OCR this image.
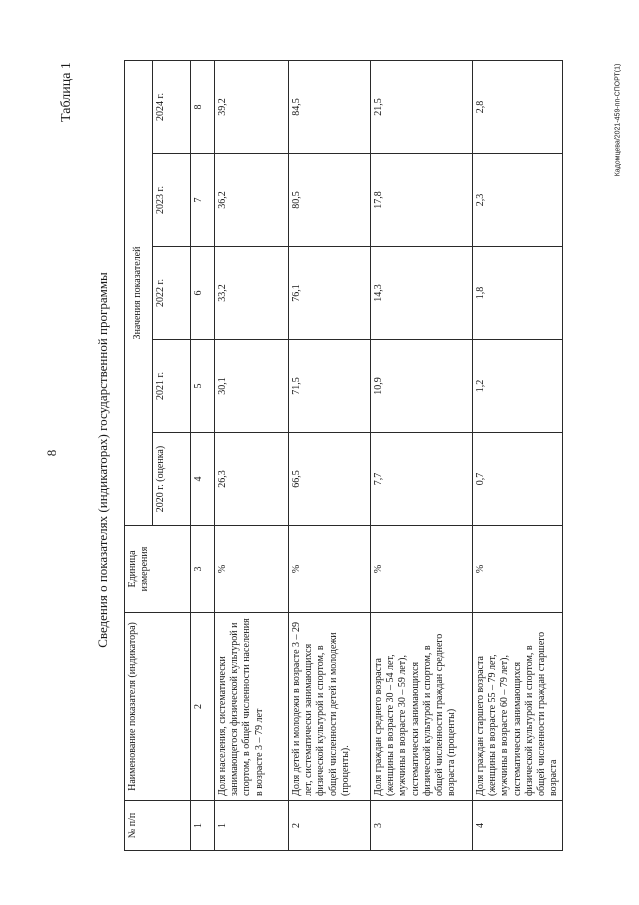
8
Таблица 1
Сведения о показателях (индикаторах) государственной программы
Кадомцева/2021-459-пп-СПОРТ(1)
№ п/п	Наименование показателя (индикатора)	Единица измерения	Значения показателей				
			2020 г. (оценка)	2021 г.	2022 г.	2023 г.	2024 г.
1	2	3	4	5	6	7	8
1	Доля населения, систематически занимающегося физической культурой и спортом, в общей численности населения в возрасте 3 – 79 лет	%	26,3	30,1	33,2	36,2	39,2
2	Доля детей и молодежи в возрасте 3 – 29 лет, систематически занимающихся физической культурой и спортом, в общей численности детей и молодежи (проценты).	%	66,5	71,5	76,1	80,5	84,5
3	Доля граждан среднего возраста (женщины в возрасте 30 – 54 лет, мужчины в возрасте 30 – 59 лет), систематически занимающихся физической культурой и спортом, в общей численности граждан среднего возраста (проценты)	%	7,7	10,9	14,3	17,8	21,5
4	Доля граждан старшего возраста (женщины в возрасте 55 – 79 лет, мужчины в возрасте 60 – 79 лет), систематически занимающихся физической культурой и спортом, в общей численности граждан старшего возраста	%	0,7	1,2	1,8	2,3	2,8
